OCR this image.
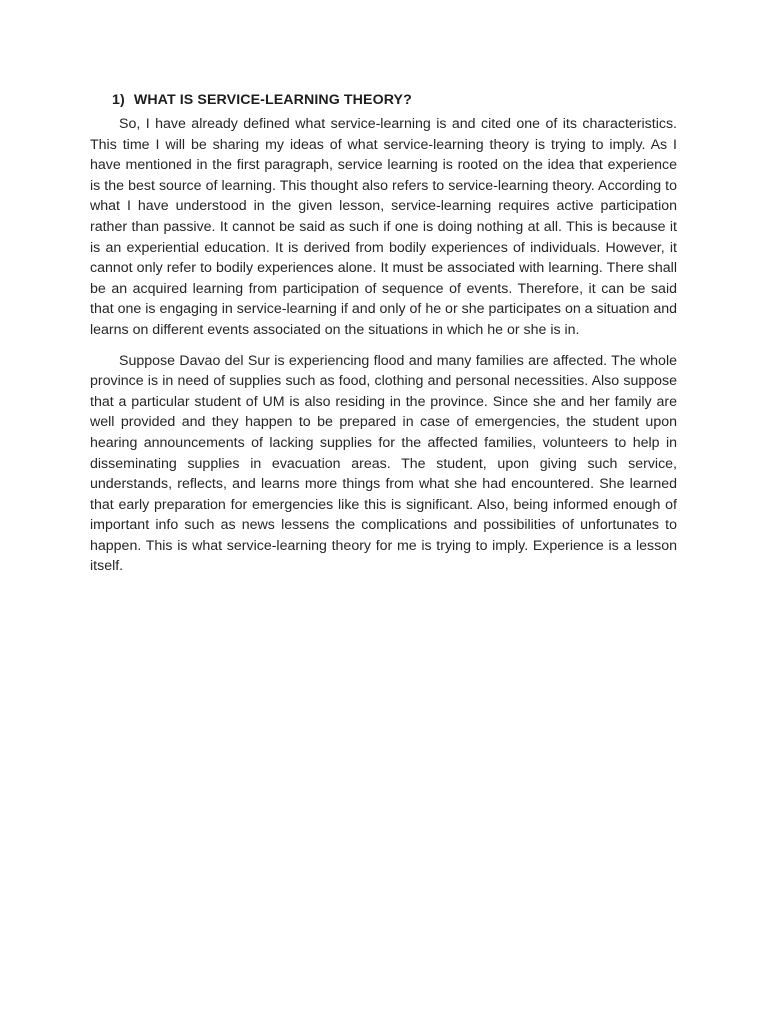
1) WHAT IS SERVICE-LEARNING THEORY?

So, I have already defined what service-learning is and cited one of its characteristics. This time I will be sharing my ideas of what service-learning theory is trying to imply. As I have mentioned in the first paragraph, service learning is rooted on the idea that experience is the best source of learning. This thought also refers to service-learning theory. According to what I have understood in the given lesson, service-learning requires active participation rather than passive. It cannot be said as such if one is doing nothing at all. This is because it is an experiential education. It is derived from bodily experiences of individuals. However, it cannot only refer to bodily experiences alone. It must be associated with learning. There shall be an acquired learning from participation of sequence of events. Therefore, it can be said that one is engaging in service-learning if and only of he or she participates on a situation and learns on different events associated on the situations in which he or she is in.

Suppose Davao del Sur is experiencing flood and many families are affected. The whole province is in need of supplies such as food, clothing and personal necessities. Also suppose that a particular student of UM is also residing in the province. Since she and her family are well provided and they happen to be prepared in case of emergencies, the student upon hearing announcements of lacking supplies for the affected families, volunteers to help in disseminating supplies in evacuation areas. The student, upon giving such service, understands, reflects, and learns more things from what she had encountered. She learned that early preparation for emergencies like this is significant. Also, being informed enough of important info such as news lessens the complications and possibilities of unfortunates to happen. This is what service-learning theory for me is trying to imply. Experience is a lesson itself.
